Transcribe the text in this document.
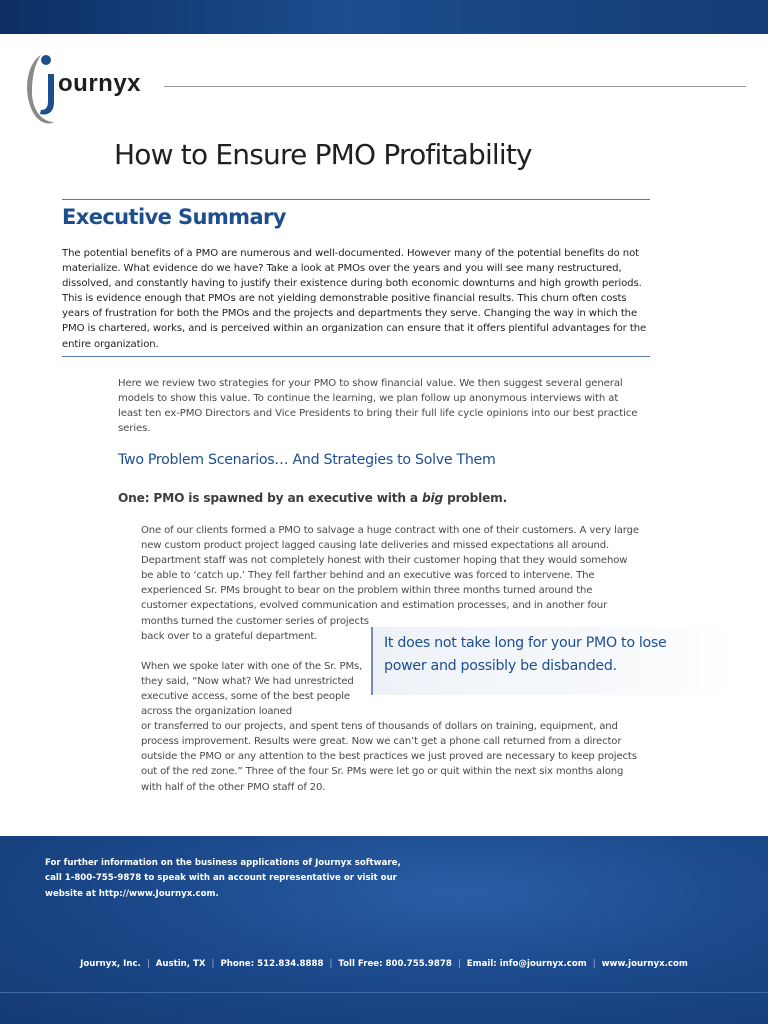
ournyx
How to Ensure PMO Profitability
Executive Summary

The potential benefits of a PMO are numerous and well-documented. However many of the potential benefits do not materialize. What evidence do we have? Take a look at PMOs over the years and you will see many restructured, dissolved, and constantly having to justify their existence during both economic downturns and high growth periods. This is evidence enough that PMOs are not yielding demonstrable positive financial results. This churn often costs years of frustration for both the PMOs and the projects and departments they serve. Changing the way in which the PMO is chartered, works, and is perceived within an organization can ensure that it offers plentiful advantages for the entire organization.

Here we review two strategies for your PMO to show financial value. We then suggest several general models to show this value. To continue the learning, we plan follow up anonymous interviews with at least ten ex-PMO Directors and Vice Presidents to bring their full life cycle opinions into our best practice series.

Two Problem Scenarios… And Strategies to Solve Them
One: PMO is spawned by an executive with a big problem.

One of our clients formed a PMO to salvage a huge contract with one of their customers. A very large new custom product project lagged causing late deliveries and missed expectations all around. Department staff was not completely honest with their customer hoping that they would somehow be able to ‘catch up.’ They fell farther behind and an executive was forced to intervene. The experienced Sr. PMs brought to bear on the problem within three months turned around the customer expectations, evolved communication and estimation processes, and in another four

months turned the customer series of projects back over to a grateful department.

When we spoke later with one of the Sr. PMs, they said, “Now what? We had unrestricted executive access, some of the best people across the organization loaned

or transferred to our projects, and spent tens of thousands of dollars on training, equipment, and process improvement. Results were great. Now we can’t get a phone call returned from a director outside the PMO or any attention to the best practices we just proved are necessary to keep projects out of the red zone.” Three of the four Sr. PMs were let go or quit within the next six months along with half of the other PMO staff of 20.

It does not take long for your PMO to lose power and possibly be disbanded.
For further information on the business applications of Journyx software, call 1-800-755-9878 to speak with an account representative or visit our website at http://www.Journyx.com.
Journyx, Inc. | Austin, TX | Phone: 512.834.8888 | Toll Free: 800.755.9878 | Email: info@journyx.com | www.journyx.com
